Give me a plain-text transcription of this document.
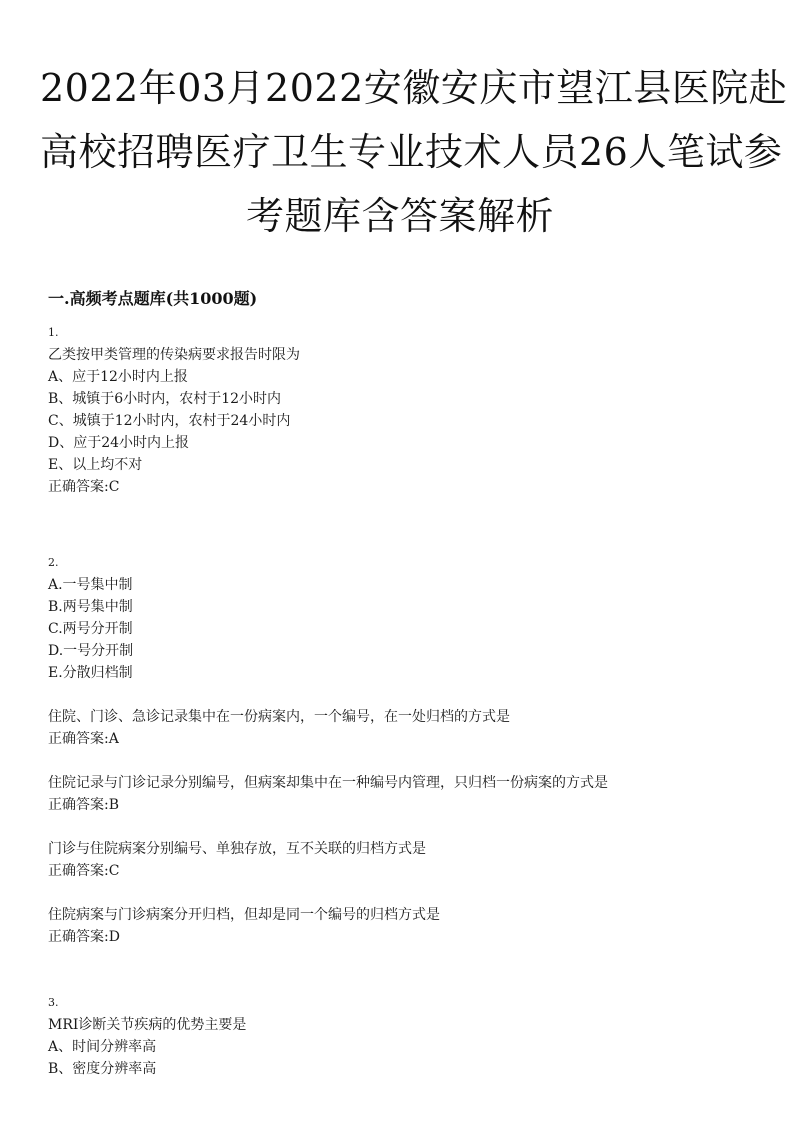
2022年03月2022安徽安庆市望江县医院赴
高校招聘医疗卫生专业技术人员26人笔试参
考题库含答案解析
一.高频考点题库(共1000题)
1.
乙类按甲类管理的传染病要求报告时限为
A、应于12小时内上报
B、城镇于6小时内，农村于12小时内
C、城镇于12小时内，农村于24小时内
D、应于24小时内上报
E、以上均不对
正确答案:C
2.
A.一号集中制
B.两号集中制
C.两号分开制
D.一号分开制
E.分散归档制
住院、门诊、急诊记录集中在一份病案内，一个编号，在一处归档的方式是
正确答案:A
住院记录与门诊记录分别编号，但病案却集中在一种编号内管理，只归档一份病案的方式是
正确答案:B
门诊与住院病案分别编号、单独存放，互不关联的归档方式是
正确答案:C
住院病案与门诊病案分开归档，但却是同一个编号的归档方式是
正确答案:D
3.
MRI诊断关节疾病的优势主要是
A、时间分辨率高
B、密度分辨率高
